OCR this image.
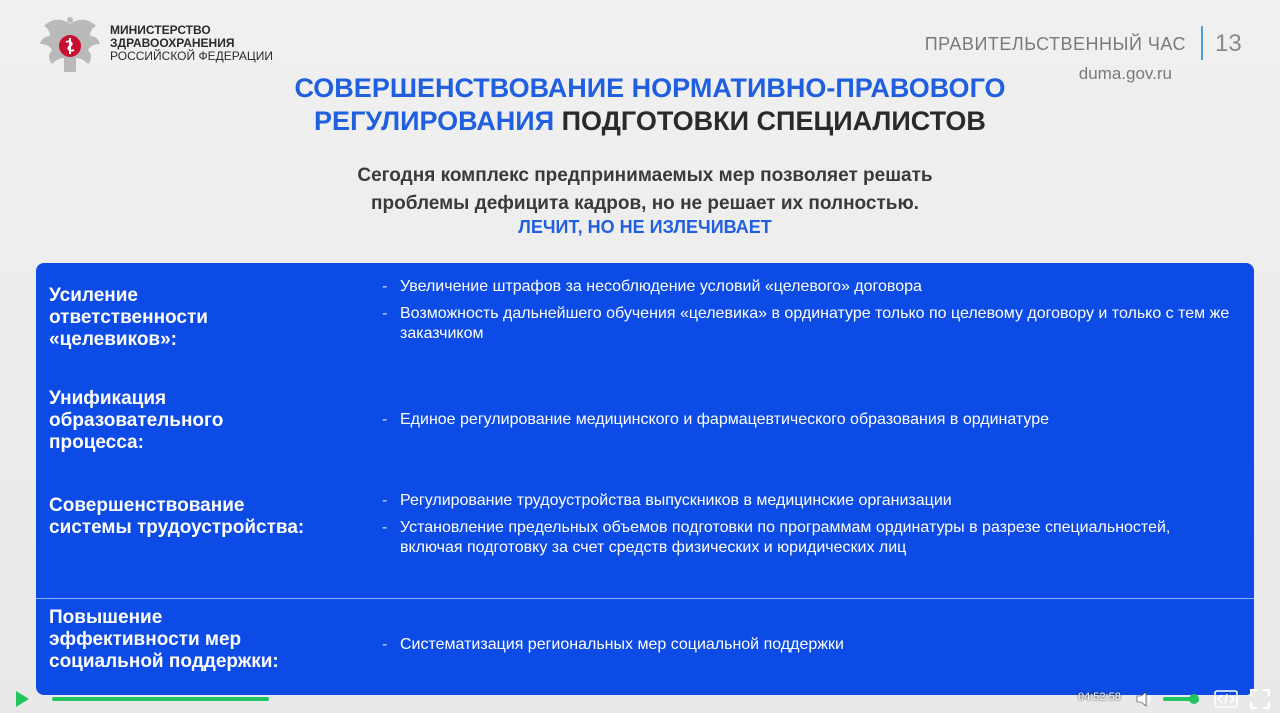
МИНИСТЕРСТВО
ЗДРАВООХРАНЕНИЯ
РОССИЙСКОЙ ФЕДЕРАЦИИ
ПРАВИТЕЛЬСТВЕННЫЙ ЧАС 13
duma.gov.ru
СОВЕРШЕНСТВОВАНИЕ НОРМАТИВНО-ПРАВОВОГО
РЕГУЛИРОВАНИЯ ПОДГОТОВКИ СПЕЦИАЛИСТОВ
Сегодня комплекс предпринимаемых мер позволяет решать
проблемы дефицита кадров, но не решает их полностью.
ЛЕЧИТ, НО НЕ ИЗЛЕЧИВАЕТ
Усиление
ответственности
«целевиков»:
- Увеличение штрафов за несоблюдение условий «целевого» договора
- Возможность дальнейшего обучения «целевика» в ординатуре только по целевому договору и только с тем же заказчиком
Унификация
образовательного
процесса:
- Единое регулирование медицинского и фармацевтического образования в ординатуре
Совершенствование
системы трудоустройства:
- Регулирование трудоустройства выпускников в медицинские организации
- Установление предельных объемов подготовки по программам ординатуры в разрезе специальностей, включая подготовку за счет средств физических и юридических лиц
Повышение
эффективности мер
социальной поддержки:
- Систематизация региональных мер социальной поддержки
04:52:58
